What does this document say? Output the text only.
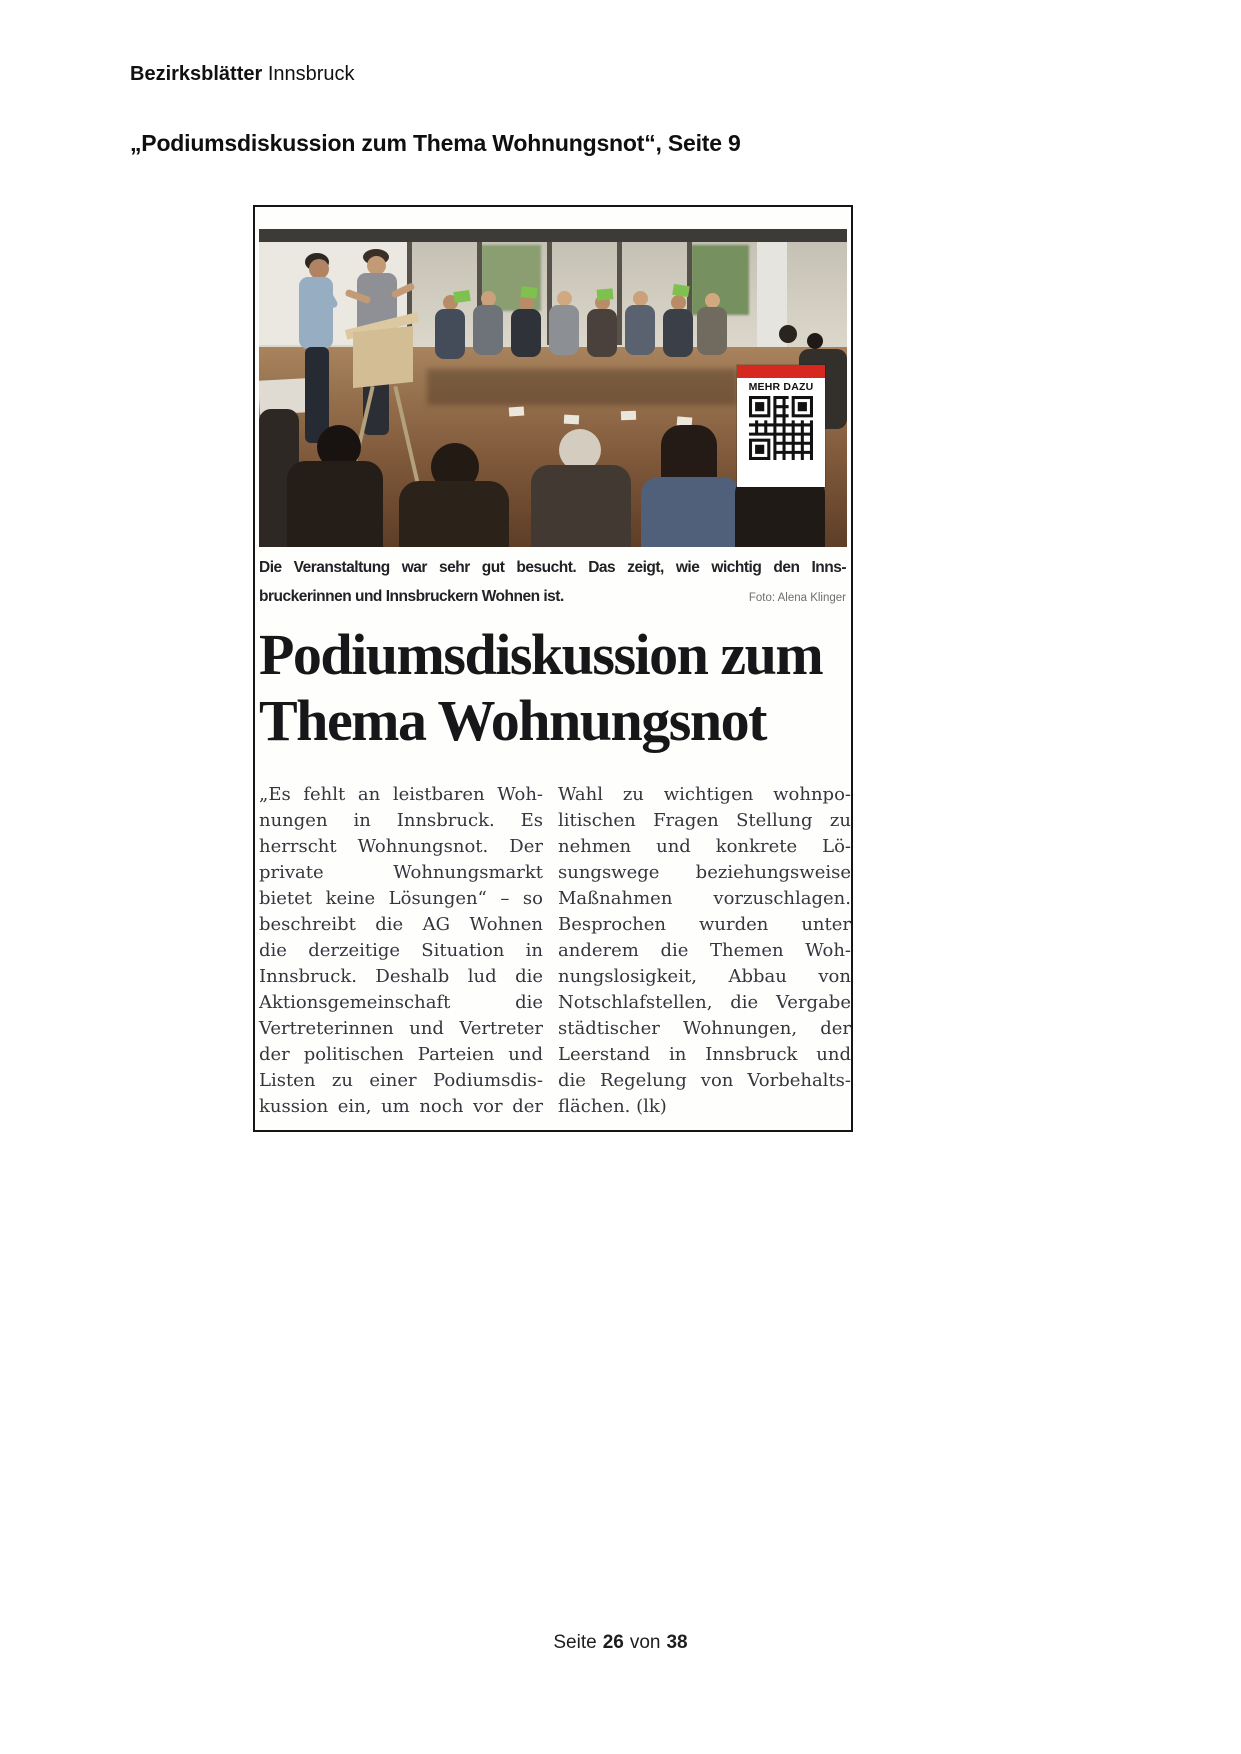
Bezirksblätter Innsbruck
„Podiumsdiskussion zum Thema Wohnungsnot“, Seite 9
MEHR DAZU
Die Veranstaltung war sehr gut besucht. Das zeigt, wie wichtig den Inns-
bruckerinnen und Innsbruckern Wohnen ist.	Foto: Alena Klinger
Podiumsdiskussion zum
Thema Wohnungsnot
„Es fehlt an leistbaren Woh-
nungen in Innsbruck. Es
herrscht Wohnungsnot. Der
private Wohnungsmarkt
bietet keine Lösungen“ – so
beschreibt die AG Wohnen
die derzeitige Situation in
Innsbruck. Deshalb lud die
Aktionsgemeinschaft die
Vertreterinnen und Vertreter
der politischen Parteien und
Listen zu einer Podiumsdis-
kussion ein, um noch vor der
Wahl zu wichtigen wohnpo-
litischen Fragen Stellung zu
nehmen und konkrete Lö-
sungswege beziehungsweise
Maßnahmen vorzuschlagen.
Besprochen wurden unter
anderem die Themen Woh-
nungslosigkeit, Abbau von
Notschlafstellen, die Vergabe
städtischer Wohnungen, der
Leerstand in Innsbruck und
die Regelung von Vorbehalts-
flächen. (lk)
Seite 26 von 38
